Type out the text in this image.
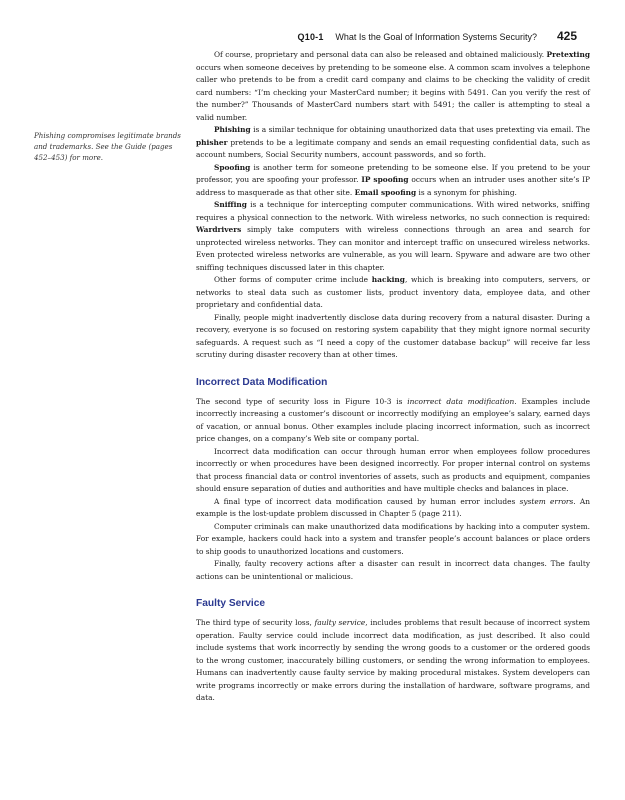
Q10-1
  What Is the Goal of Information Systems Security? 425
Phishing compromises legitimate brands and trademarks. See the Guide (pages 452–453) for more.

Of course, proprietary and personal data can also be released and obtained maliciously. Pretexting occurs when someone deceives by pretending to be someone else. A common scam involves a telephone caller who pretends to be from a credit card company and claims to be checking the validity of credit card numbers: “I’m checking your MasterCard number; it begins with 5491. Can you verify the rest of the number?” Thousands of MasterCard numbers start with 5491; the caller is attempting to steal a valid number.

Phishing is a similar technique for obtaining unauthorized data that uses pretexting via email. The phisher pretends to be a legitimate company and sends an email requesting confidential data, such as account numbers, Social Security numbers, account passwords, and so forth.

Spoofing is another term for someone pretending to be someone else. If you pretend to be your professor, you are spoofing your professor. IP spoofing occurs when an intruder uses another site’s IP address to masquerade as that other site. Email spoofing is a synonym for phishing.

Sniffing is a technique for intercepting computer communications. With wired networks, sniffing requires a physical connection to the network. With wireless networks, no such connection is required: Wardrivers simply take computers with wireless connections through an area and search for unprotected wireless networks. They can monitor and intercept traffic on unsecured wireless networks. Even protected wireless networks are vulnerable, as you will learn. Spyware and adware are two other sniffing techniques discussed later in this chapter.

Other forms of computer crime include hacking, which is breaking into computers, servers, or networks to steal data such as customer lists, product inventory data, employee data, and other proprietary and confidential data.

Finally, people might inadvertently disclose data during recovery from a natural disaster. During a recovery, everyone is so focused on restoring system capability that they might ignore normal security safeguards. A request such as “I need a copy of the customer database backup” will receive far less scrutiny during disaster recovery than at other times.

Incorrect Data Modification

The second type of security loss in Figure 10-3 is incorrect data modification. Examples include incorrectly increasing a customer’s discount or incorrectly modifying an employee’s salary, earned days of vacation, or annual bonus. Other examples include placing incorrect information, such as incorrect price changes, on a company’s Web site or company portal.

Incorrect data modification can occur through human error when employees follow procedures incorrectly or when procedures have been designed incorrectly. For proper internal control on systems that process financial data or control inventories of assets, such as products and equipment, companies should ensure separation of duties and authorities and have multiple checks and balances in place.

A final type of incorrect data modification caused by human error includes system errors. An example is the lost-update problem discussed in Chapter 5 (page 211).

Computer criminals can make unauthorized data modifications by hacking into a computer system. For example, hackers could hack into a system and transfer people’s account balances or place orders to ship goods to unauthorized locations and customers.

Finally, faulty recovery actions after a disaster can result in incorrect data changes. The faulty actions can be unintentional or malicious.

Faulty Service

The third type of security loss, faulty service, includes problems that result because of incorrect system operation. Faulty service could include incorrect data modification, as just described. It also could include systems that work incorrectly by sending the wrong goods to a customer or the ordered goods to the wrong customer, inaccurately billing customers, or sending the wrong information to employees. Humans can inadvertently cause faulty service by making procedural mistakes. System developers can write programs incorrectly or make errors during the installation of hardware, software programs, and data.
